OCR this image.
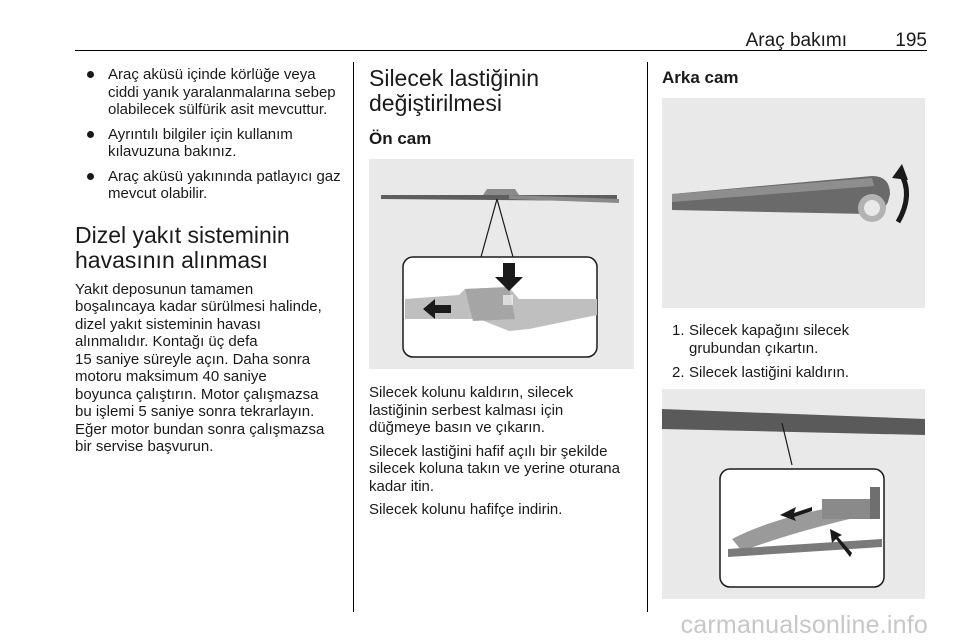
Araç bakımı	195
Araç aküsü içinde körlüğe veya ciddi yanık yaralanmalarına sebep olabilecek sülfürik asit mevcuttur.
Ayrıntılı bilgiler için kullanım kılavuzuna bakınız.
Araç aküsü yakınında patlayıcı gaz mevcut olabilir.
Dizel yakıt sisteminin
havasının alınması

Yakıt deposunun tamamen
boşalıncaya kadar sürülmesi halinde,
dizel yakıt sisteminin havası
alınmalıdır. Kontağı üç defa
15 saniye süreyle açın. Daha sonra
motoru maksimum 40 saniye
boyunca çalıştırın. Motor çalışmazsa
bu işlemi 5 saniye sonra tekrarlayın.
Eğer motor bundan sonra çalışmazsa
bir servise başvurun.

Silecek lastiğinin
değiştirilmesi
Ön cam

Silecek kolunu kaldırın, silecek
lastiğinin serbest kalması için
düğmeye basın ve çıkarın.

Silecek lastiğini hafif açılı bir şekilde
silecek koluna takın ve yerine oturana
kadar itin.

Silecek kolunu hafifçe indirin.

Arka cam
1. Silecek kapağını silecek
grubundan çıkartın.
2. Silecek lastiğini kaldırın.
carmanualsonline.info
